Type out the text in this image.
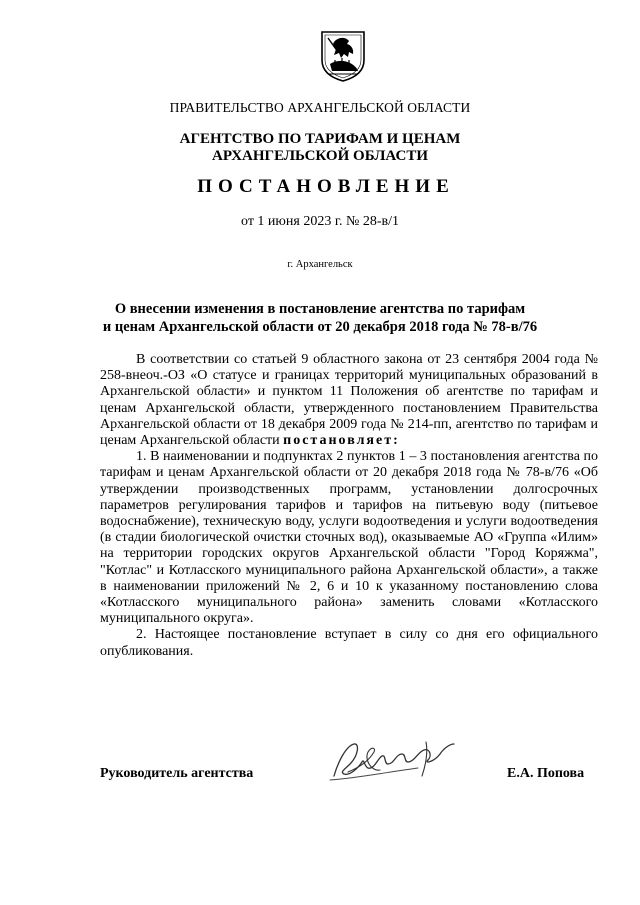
ПРАВИТЕЛЬСТВО АРХАНГЕЛЬСКОЙ ОБЛАСТИ
АГЕНТСТВО ПО ТАРИФАМ И ЦЕНАМ
АРХАНГЕЛЬСКОЙ ОБЛАСТИ
ПОСТАНОВЛЕНИЕ
от 1 июня 2023 г. № 28-в/1
г. Архангельск
О внесении изменения в постановление агентства по тарифам
и ценам Архангельской области от 20 декабря 2018 года № 78-в/76

В соответствии со статьей 9 областного закона от 23 сентября 2004 года № 258-внеоч.-ОЗ «О статусе и границах территорий муниципальных образований в Архангельской области» и пунктом 11 Положения об агентстве по тарифам и ценам Архангельской области, утвержденного постановлением Правительства Архангельской области от 18 декабря 2009 года № 214-пп, агентство по тарифам и ценам Архангельской области постановляет:

1. В наименовании и подпунктах 2 пунктов 1 – 3 постановления агентства по тарифам и ценам Архангельской области от 20 декабря 2018 года № 78-в/76 «Об утверждении производственных программ, установлении долгосрочных параметров регулирования тарифов и тарифов на питьевую воду (питьевое водоснабжение), техническую воду, услуги водоотведения и услуги водоотведения (в стадии биологической очистки сточных вод), оказываемые АО «Группа «Илим» на территории городских округов Архангельской области "Город Коряжма", "Котлас" и Котласского муниципального района Архангельской области», а также в наименовании приложений № 2, 6 и 10 к указанному постановлению слова «Котласского муниципального района» заменить словами «Котласского муниципального округа».

2. Настоящее постановление вступает в силу со дня его официального опубликования.

Руководитель агентства	Е.А. Попова
